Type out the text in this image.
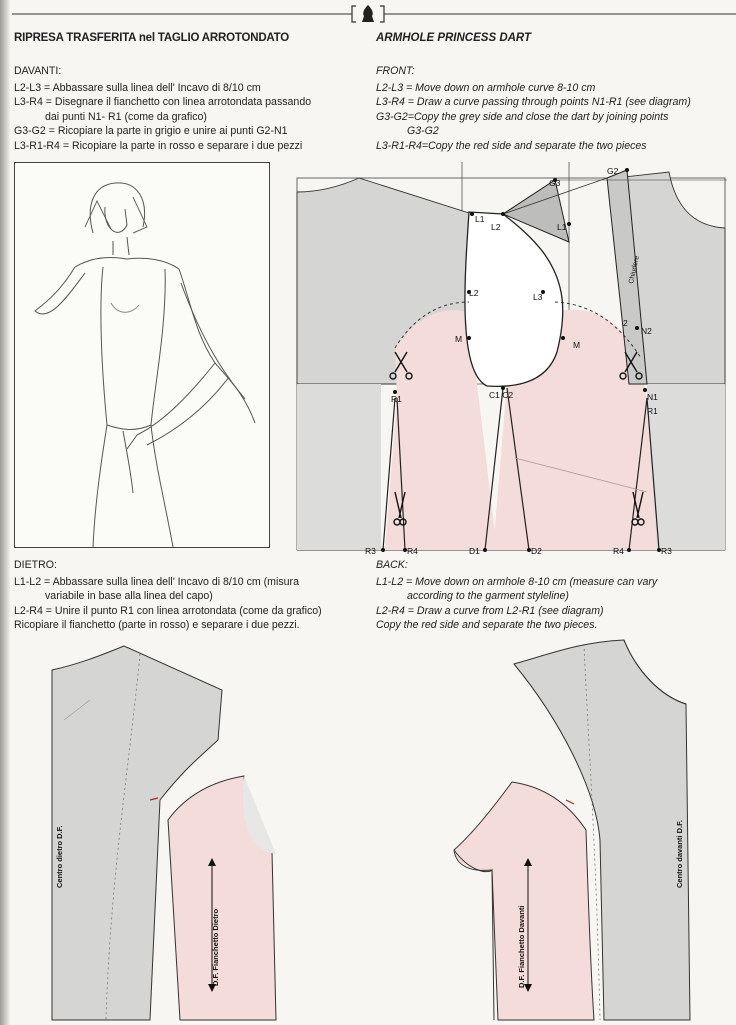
RIPRESA TRASFERITA nel TAGLIO ARROTONDATO	ARMHOLE PRINCESS DART
DAVANTI:
L2-L3 = Abbassare sulla linea dell' Incavo di 8/10 cm
L3-R4 = Disegnare il fianchetto con linea arrotondata passando
dai punti N1- R1 (come da grafico)
G3-G2 = Ricopiare la parte in grigio e unire ai punti G2-N1
L3-R1-R4 = Ricopiare la parte in rosso e separare i due pezzi
FRONT:
L2-L3 = Move down on armhole curve 8-10 cm
L3-R4 = Draw a curve passing through points N1-R1 (see diagram)
G3-G2=Copy the grey side and close the dart by joining points
G3-G2
L3-R1-R4=Copy the red side and separate the two pieces
L1
L2
L2
L1
L3
G3
G2
M
M
C1 C2
R1	N1
R1
N2
2
R3	R4	D1	D2	R4	R3
Chiudere
DIETRO:
L1-L2 = Abbassare sulla linea dell' Incavo di 8/10 cm (misura
variabile in base alla linea del capo)
L2-R4 = Unire il punto R1 con linea arrotondata (come da grafico)
Ricopiare il fianchetto (parte in rosso) e separare i due pezzi.
BACK:
L1-L2 = Move down on armhole 8-10 cm (measure can vary
according to the garment styleline)
L2-R4 = Draw a curve from L2-R1 (see diagram)
Copy the red side and separate the two pieces.
Centro dietro D.F.
D.F. Fianchetto Dietro	D.F. Fianchetto Davanti
Centro davanti D.F.
